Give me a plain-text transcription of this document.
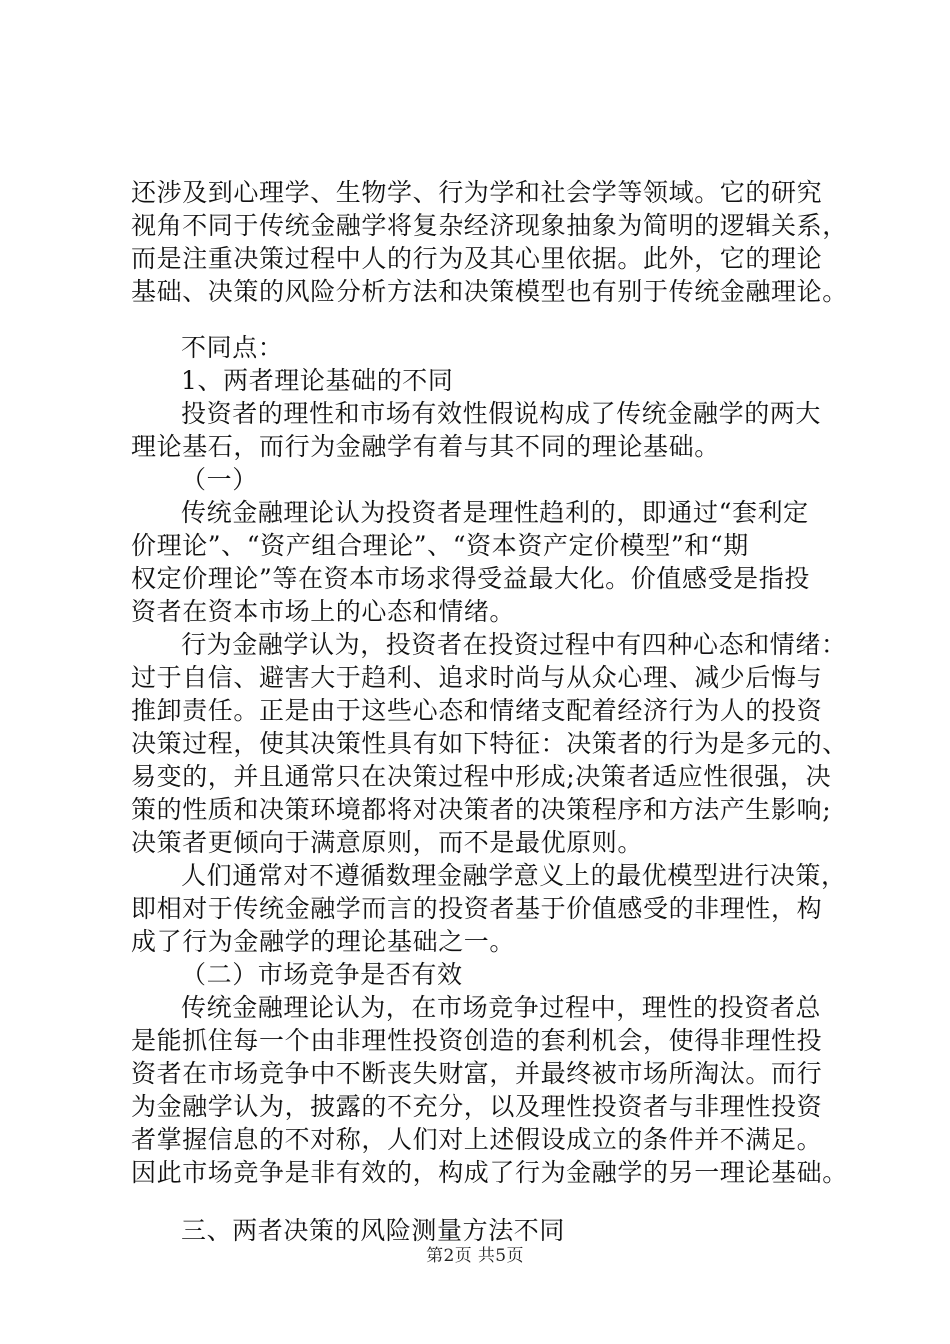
还涉及到心理学、生物学、行为学和社会学等领域。它的研究
视角不同于传统金融学将复杂经济现象抽象为简明的逻辑关系，
而是注重决策过程中人的行为及其心里依据。此外，它的理论
基础、决策的风险分析方法和决策模型也有别于传统金融理论。
不同点：
1、两者理论基础的不同
投资者的理性和市场有效性假说构成了传统金融学的两大
理论基石，而行为金融学有着与其不同的理论基础。
（一）
传统金融理论认为投资者是理性趋利的，即通过“套利定
价理论”、“资产组合理论”、“资本资产定价模型”和“期
权定价理论”等在资本市场求得受益最大化。价值感受是指投
资者在资本市场上的心态和情绪。
行为金融学认为，投资者在投资过程中有四种心态和情绪：
过于自信、避害大于趋利、追求时尚与从众心理、减少后悔与
推卸责任。正是由于这些心态和情绪支配着经济行为人的投资
决策过程，使其决策性具有如下特征：决策者的行为是多元的、
易变的，并且通常只在决策过程中形成;决策者适应性很强，决
策的性质和决策环境都将对决策者的决策程序和方法产生影响;
决策者更倾向于满意原则，而不是最优原则。
人们通常对不遵循数理金融学意义上的最优模型进行决策，
即相对于传统金融学而言的投资者基于价值感受的非理性，构
成了行为金融学的理论基础之一。
（二）市场竞争是否有效
传统金融理论认为，在市场竞争过程中，理性的投资者总
是能抓住每一个由非理性投资创造的套利机会，使得非理性投
资者在市场竞争中不断丧失财富，并最终被市场所淘汰。而行
为金融学认为，披露的不充分，以及理性投资者与非理性投资
者掌握信息的不对称，人们对上述假设成立的条件并不满足。
因此市场竞争是非有效的，构成了行为金融学的另一理论基础。
三、两者决策的风险测量方法不同
第2页 共5页
